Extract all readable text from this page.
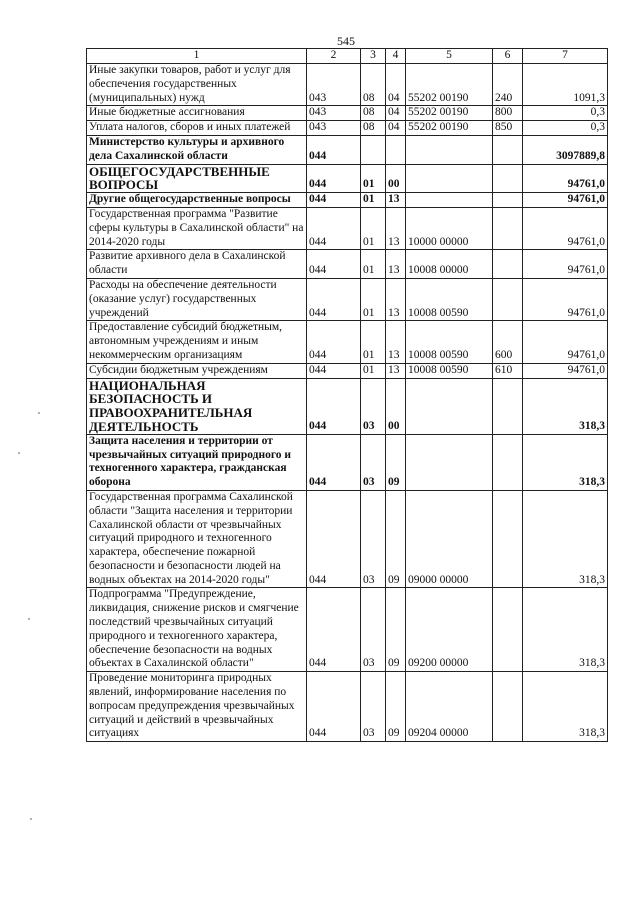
545
1	2	3	4	5	6	7
Иные закупки товаров, работ и услуг для обеспечения государственных (муниципальных) нужд	043	08	04	55202 00190	240	1091,3
Иные бюджетные ассигнования	043	08	04	55202 00190	800	0,3
Уплата налогов, сборов и иных платежей	043	08	04	55202 00190	850	0,3
Министерство культуры и архивного дела Сахалинской области	044					3097889,8
ОБЩЕГОСУДАРСТВЕННЫЕ ВОПРОСЫ	044	01	00			94761,0
Другие общегосударственные вопросы	044	01	13			94761,0
Государственная программа "Развитие сферы культуры в Сахалинской области" на 2014-2020 годы	044	01	13	10000 00000		94761,0
Развитие архивного дела в Сахалинской области	044	01	13	10008 00000		94761,0
Расходы на обеспечение деятельности (оказание услуг) государственных учреждений	044	01	13	10008 00590		94761,0
Предоставление субсидий бюджетным, автономным учреждениям и иным некоммерческим организациям	044	01	13	10008 00590	600	94761,0
Субсидии бюджетным учреждениям	044	01	13	10008 00590	610	94761,0
НАЦИОНАЛЬНАЯ БЕЗОПАСНОСТЬ И ПРАВООХРАНИТЕЛЬНАЯ ДЕЯТЕЛЬНОСТЬ	044	03	00			318,3
Защита населения и территории от чрезвычайных ситуаций природного и техногенного характера, гражданская оборона	044	03	09			318,3
Государственная программа Сахалинской области "Защита населения и территории Сахалинской области от чрезвычайных ситуаций природного и техногенного характера, обеспечение пожарной безопасности и безопасности людей на водных объектах на 2014-2020 годы"	044	03	09	09000 00000		318,3
Подпрограмма "Предупреждение, ликвидация, снижение рисков и смягчение последствий чрезвычайных ситуаций природного и техногенного характера, обеспечение безопасности на водных объектах в Сахалинской области"	044	03	09	09200 00000		318,3
Проведение мониторинга природных явлений, информирование населения по вопросам предупреждения чрезвычайных ситуаций и действий в чрезвычайных ситуациях	044	03	09	09204 00000		318,3
